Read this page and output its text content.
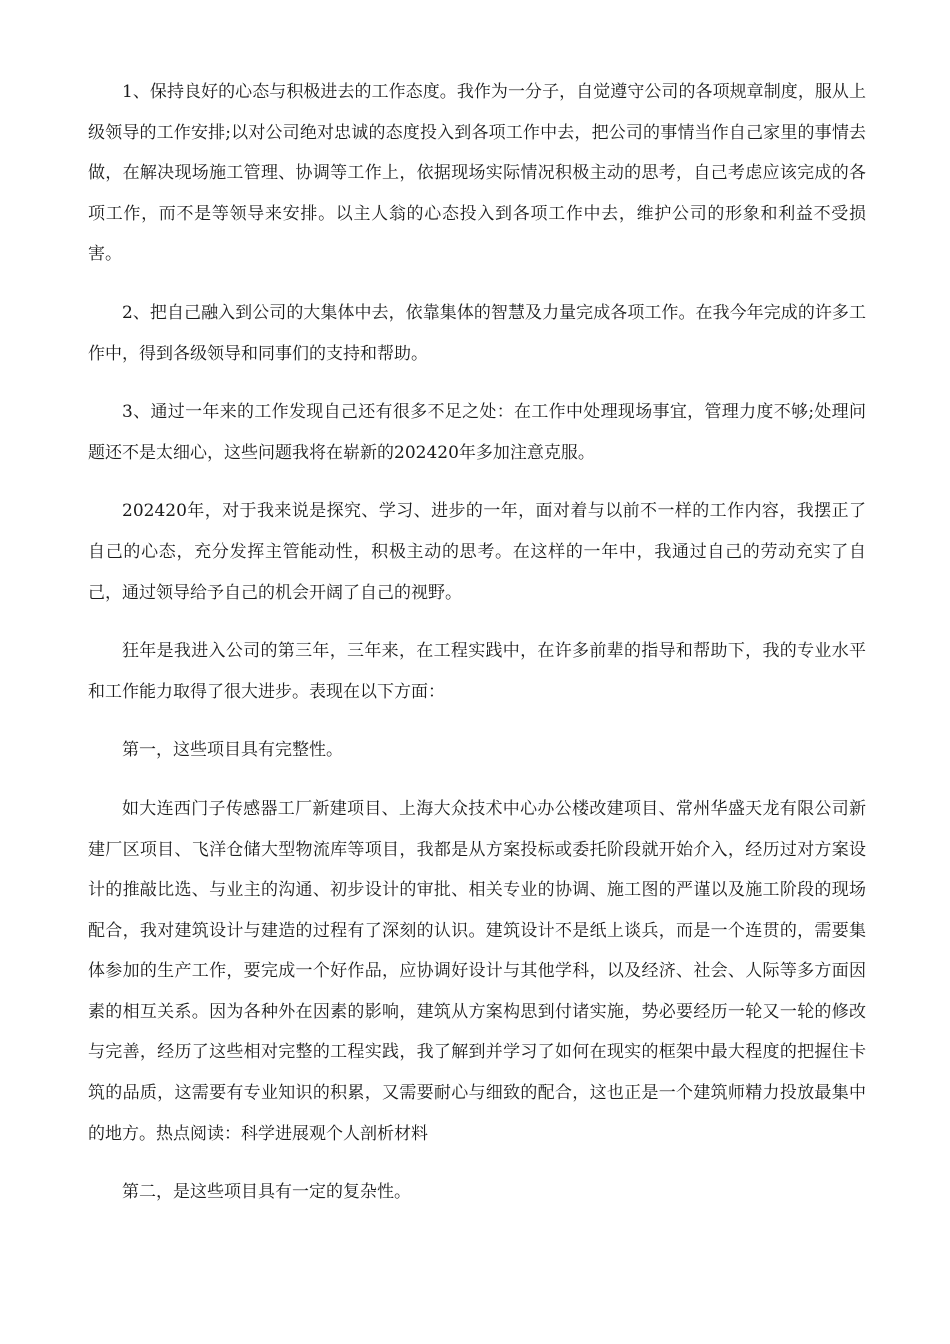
1、保持良好的心态与积极进去的工作态度。我作为一分子，自觉遵守公司的各项规章制度，服从上级领导的工作安排;以对公司绝对忠诚的态度投入到各项工作中去，把公司的事情当作自己家里的事情去做，在解决现场施工管理、协调等工作上，依据现场实际情况积极主动的思考，自己考虑应该完成的各项工作，而不是等领导来安排。以主人翁的心态投入到各项工作中去，维护公司的形象和利益不受损害。

2、把自己融入到公司的大集体中去，依靠集体的智慧及力量完成各项工作。在我今年完成的许多工作中，得到各级领导和同事们的支持和帮助。

3、通过一年来的工作发现自己还有很多不足之处：在工作中处理现场事宜，管理力度不够;处理问题还不是太细心，这些问题我将在崭新的202420年多加注意克服。

202420年，对于我来说是探究、学习、进步的一年，面对着与以前不一样的工作内容，我摆正了自己的心态，充分发挥主管能动性，积极主动的思考。在这样的一年中，我通过自己的劳动充实了自己，通过领导给予自己的机会开阔了自己的视野。

狂年是我进入公司的第三年，三年来，在工程实践中，在许多前辈的指导和帮助下，我的专业水平和工作能力取得了很大进步。表现在以下方面：

第一，这些项目具有完整性。

如大连西门子传感器工厂新建项目、上海大众技术中心办公楼改建项目、常州华盛天龙有限公司新建厂区项目、飞洋仓储大型物流库等项目，我都是从方案投标或委托阶段就开始介入，经历过对方案设计的推敲比选、与业主的沟通、初步设计的审批、相关专业的协调、施工图的严谨以及施工阶段的现场配合，我对建筑设计与建造的过程有了深刻的认识。建筑设计不是纸上谈兵，而是一个连贯的，需要集体参加的生产工作，要完成一个好作品，应协调好设计与其他学科，以及经济、社会、人际等多方面因素的相互关系。因为各种外在因素的影响，建筑从方案构思到付诸实施，势必要经历一轮又一轮的修改与完善，经历了这些相对完整的工程实践，我了解到并学习了如何在现实的框架中最大程度的把握住卡筑的品质，这需要有专业知识的积累，又需要耐心与细致的配合，这也正是一个建筑师精力投放最集中的地方。热点阅读：科学进展观个人剖析材料

第二，是这些项目具有一定的复杂性。
